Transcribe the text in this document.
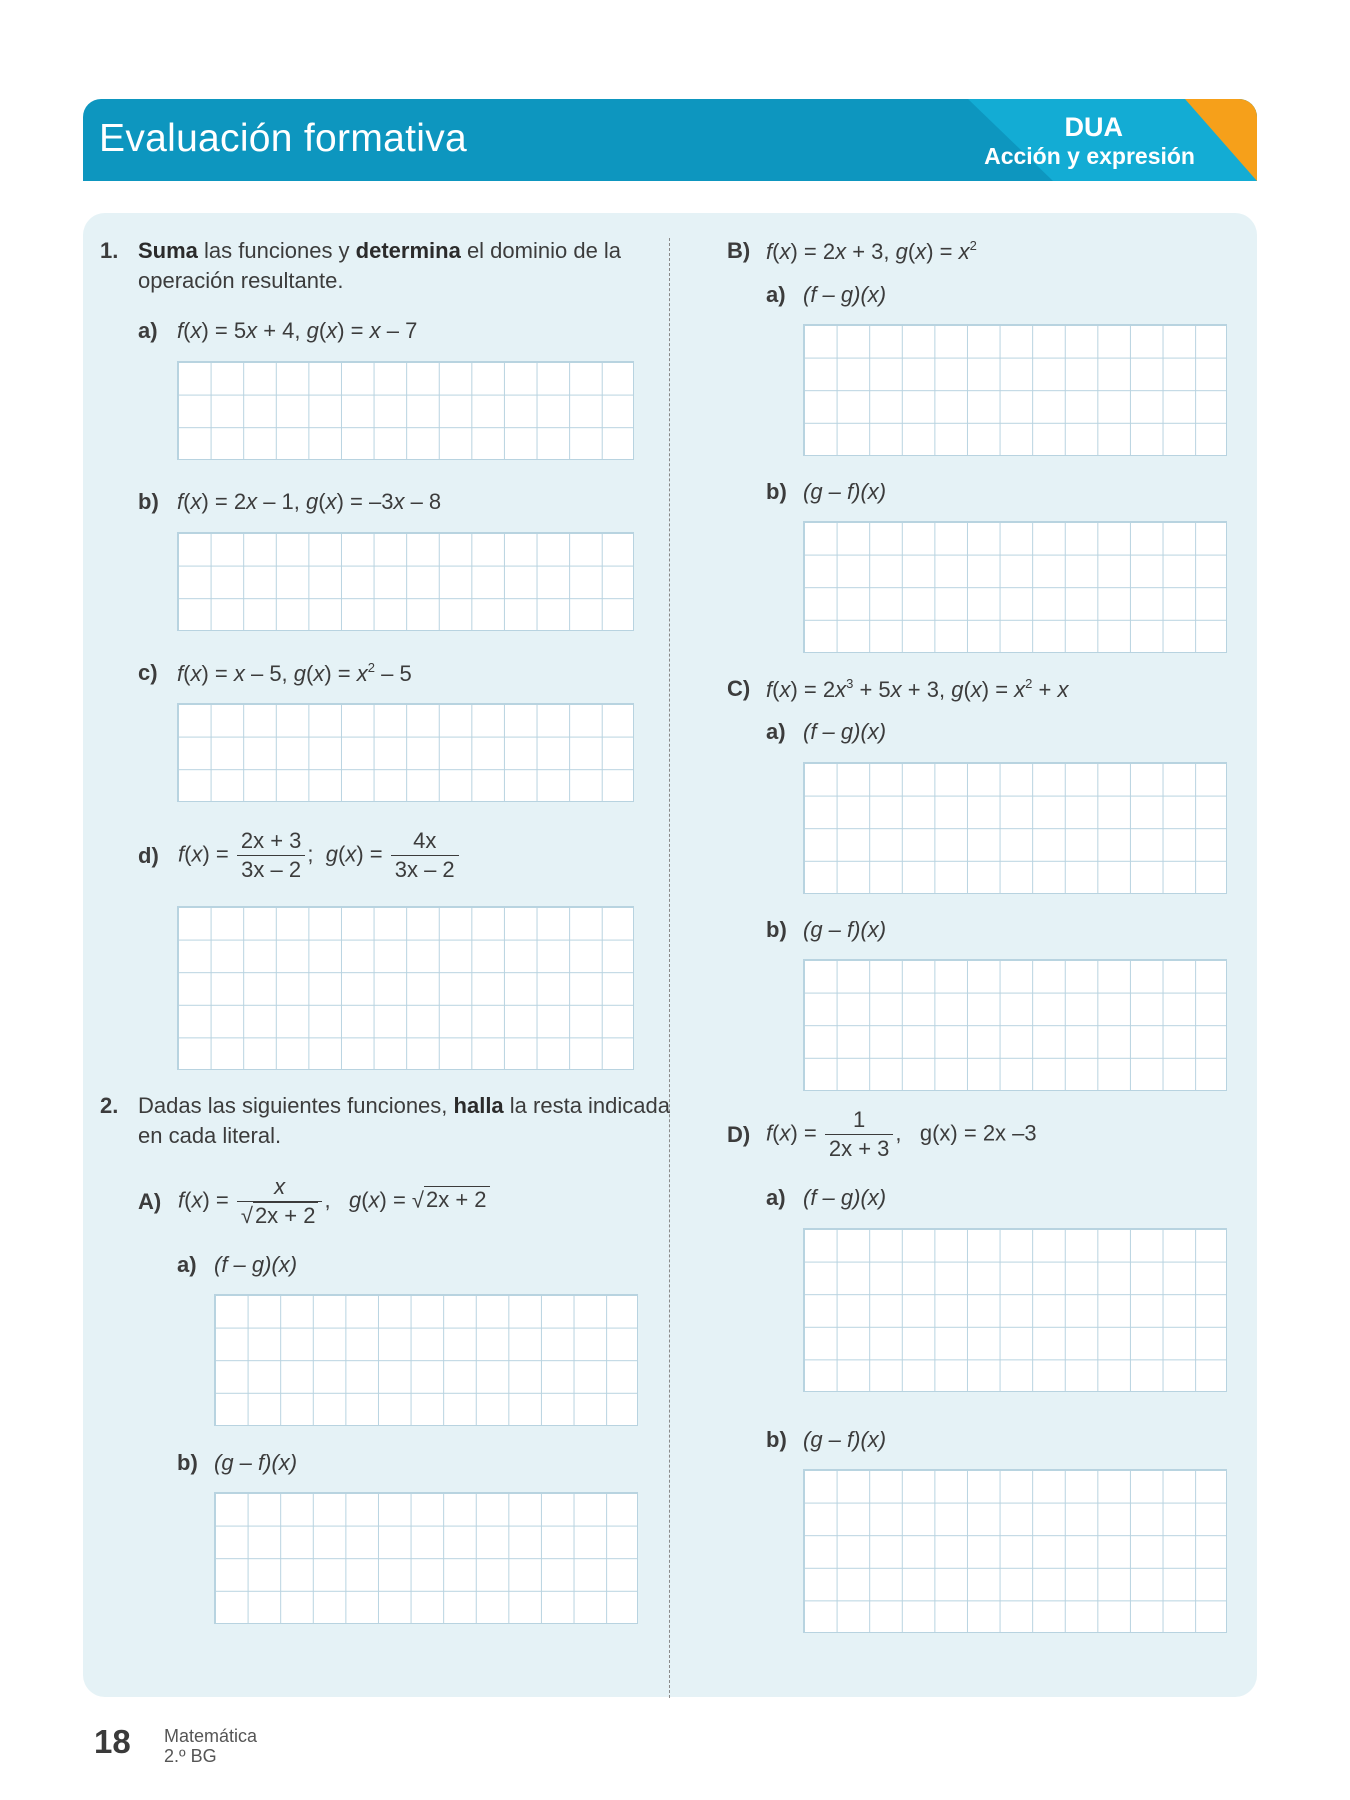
Evaluación formativa	DUA
Acción y expresión
1. Suma las funciones y determina el dominio de la
operación resultante.
a) f(x) = 5x + 4, g(x) = x – 7
b) f(x) = 2x – 1, g(x) = –3x – 8
c) f(x) = x – 5, $g(x) = x^2 - 5$
d) $f(x) = \frac{2x + 3}{3x - 2}$ ;  $g(x) = \frac{4x}{3x - 2}$
2. Dadas las siguientes funciones, halla la resta indicada
en cada literal.
A) $f(x) = \frac{x}{√2x + 2}$ ,   g(x) = √2x + 2
a) (f – g)(x)
b) (g – f)(x)
B) f(x) = 2x + 3, $g(x) = x^2$
a) (f – g)(x)
b) (g – f)(x)
C) $f(x) = 2x^3 + 5x + 3$, $g(x) = x^2 + x$
a) (f – g)(x)
b) (g – f)(x)
D) $f(x) = \frac{1}{2x + 3}$ ,   g(x) = 2x –3
a) (f – g)(x)
b) (g – f)(x)
18 Matemática
2.º BG
